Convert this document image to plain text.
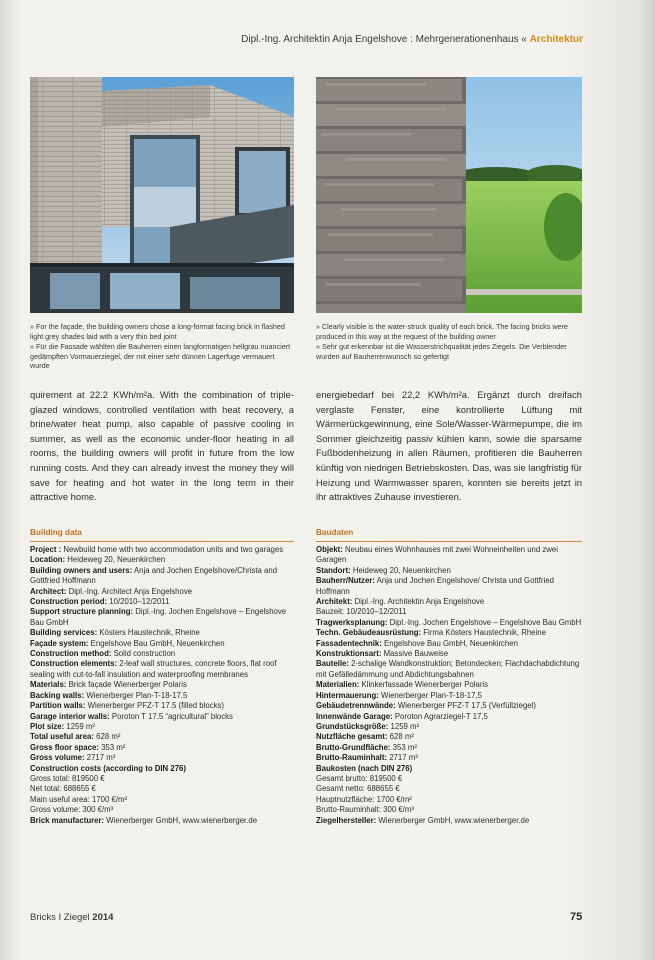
Dipl.-Ing. Architektin Anja Engelshove : Mehrgenerationenhaus « Architektur

» For the façade, the building owners chose a long-format facing brick in flashed light grey shades laid with a very thin bed joint

» Für die Fassade wählten die Bauherren einen langformatigen hellgrau nuanciert gedämpften Vormauerziegel, der mit einer sehr dünnen Lagerfuge vermauert wurde

» Clearly visible is the water-struck quality of each brick. The facing bricks were produced in this way at the request of the building owner

» Sehr gut erkennbar ist die Wasserstrichqualität jedes Ziegels. Die Verblender wurden auf Bauherrenwunsch so gefertigt

quirement at 22.2 KWh/m²a. With the combination of triple-glazed windows, controlled ventilation with heat recovery, a brine/water heat pump, also capable of passive cooling in summer, as well as the economic under-floor heating in all rooms, the building owners will profit in future from the low running costs. And they can already invest the money they will save for heating and hot water in the long term in their attractive home.
energiebedarf bei 22,2 KWh/m²a. Ergänzt durch dreifach verglaste Fenster, eine kontrollierte Lüftung mit Wärmerückgewinnung, eine Sole/Wasser-Wärmepumpe, die im Sommer gleichzeitig passiv kühlen kann, sowie die sparsame Fußbodenheizung in allen Räumen, profitieren die Bauherren künftig von niedrigen Betriebskosten. Das, was sie langfristig für Heizung und Warmwasser sparen, konnten sie bereits jetzt in ihr attraktives Zuhause investieren.
Building data
Project : Newbuild home with two accommodation units and two garages
Location: Heideweg 20, Neuenkirchen
Building owners and users: Anja and Jochen Engelshove/Christa and Gottfried Hoffmann
Architect: Dipl.-Ing. Architect Anja Engelshove
Construction period: 10/2010–12/2011
Support structure planning: Dipl.-Ing. Jochen Engelshove – Engelshove Bau GmbH
Building services: Kösters Haustechnik, Rheine
Façade system: Engelshove Bau GmbH, Neuenkirchen
Construction method: Solid construction
Construction elements: 2-leaf wall structures, concrete floors, flat roof sealing with cut-to-fall insulation and waterproofing membranes
Materials: Brick façade Wienerberger Polaris
Backing walls: Wienerberger Plan-T-18-17.5
Partition walls: Wienerberger PFZ-T 17.5 (filled blocks)
Garage interior walls: Poroton T 17.5 “agricultural” blocks
Plot size: 1259 m²
Total useful area: 628 m²
Gross floor space: 353 m²
Gross volume: 2717 m³
Construction costs (according to DIN 276)
Gross total: 819500 €
Net total: 688655 €
Main useful area: 1700 €/m²
Gross volume: 300 €/m³
Brick manufacturer: Wienerberger GmbH, www.wienerberger.de
Baudaten
Objekt: Neubau eines Wohnhauses mit zwei Wohneinheiten und zwei Garagen
Standort: Heideweg 20, Neuenkirchen
Bauherr/Nutzer: Anja und Jochen Engelshove/ Christa und Gottfried Hoffmann
Architekt: Dipl.-Ing. Architektin Anja Engelshove
Bauzeit: 10/2010–12/2011
Tragwerksplanung: Dipl.-Ing. Jochen Engelshove – Engelshove Bau GmbH
Techn. Gebäudeausrüstung: Firma Kösters Haustechnik, Rheine
Fassadentechnik: Engelshove Bau GmbH, Neuenkirchen
Konstruktionsart: Massive Bauweise
Bauteile: 2-schalige Wandkonstruktion; Betondecken; Flachdachabdichtung mit Gefälledämmung und Abdichtungsbahnen
Materialien: Klinkerfassade Wienerberger Polaris
Hintermauerung: Wienerberger Plan-T-18-17,5
Gebäudetrennwände: Wienerberger PFZ-T 17,5 (Verfüllziegel)
Innenwände Garage: Poroton Agrarziegel-T 17,5
Grundstücksgröße: 1259 m²
Nutzfläche gesamt: 628 m²
Brutto-Grundfläche: 353 m²
Brutto-Rauminhalt: 2717 m³
Baukosten (nach DIN 276)
Gesamt brutto: 819500 €
Gesamt netto: 688655 €
Hauptnutzfläche: 1700 €/m²
Brutto-Rauminhalt: 300 €/m³
Ziegelhersteller: Wienerberger GmbH, www.wienerberger.de
Bricks I Ziegel 2014	75
